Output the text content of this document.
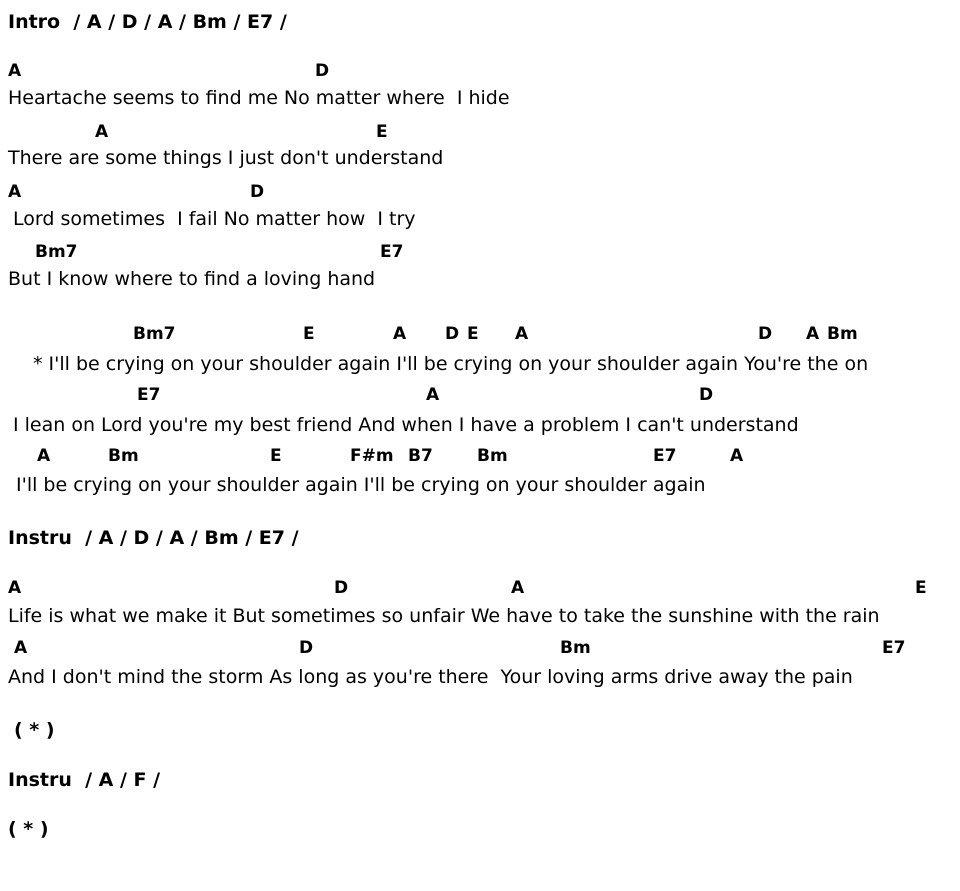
Intro  / A / D / A / Bm / E7 /
A	D
Heartache seems to find me No matter where  I hide
A	E
There are some things I just don't understand
A	D
Lord sometimes  I fail No matter how  I try
Bm7	E7
But I know where to find a loving hand
Bm7	E	A D E A	D A Bm
* I'll be crying on your shoulder again I'll be crying on your shoulder again You're the on
E7	A	D
I lean on Lord you're my best friend And when I have a problem I can't understand
A	Bm	E	F#m B7	Bm	E7	A
I'll be crying on your shoulder again I'll be crying on your shoulder again
Instru  / A / D / A / Bm / E7 /
A	D	A	E
Life is what we make it But sometimes so unfair We have to take the sunshine with the rain
A	D	Bm	E7
And I don't mind the storm As long as you're there  Your loving arms drive away the pain
( * )
Instru  / A / F /
( * )
